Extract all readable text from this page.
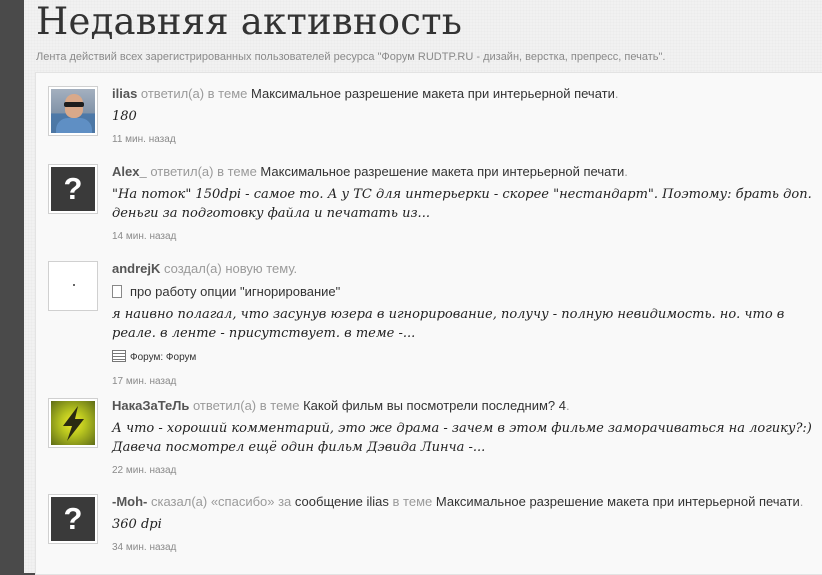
Недавняя активность

Лента действий всех зарегистрированных пользователей ресурса "Форум RUDTP.RU - дизайн, верстка, препресс, печать".

ilias ответил(а) в теме Максимальное разрешение макета при интерьерной печати.
180
11 мин. назад
?	Alex_ ответил(а) в теме Максимальное разрешение макета при интерьерной печати.
"На поток" 150dpi - самое то. А у ТС для интерьерки - скорее "нестандарт". Поэтому: брать доп. деньги за подготовку файла и печатать из...
14 мин. назад
andrejK создал(а) новую тему.
про работу опции "игнорирование"
я наивно полагал, что засунув юзера в игнорирование, получу - полную невидимость. но. что в реале. в ленте - присутствует. в теме -...
Форум: Форум
17 мин. назад
НакаЗаТеЛь ответил(а) в теме Какой фильм вы посмотрели последним? 4.
А что - хороший комментарий, это же драма - зачем в этом фильме заморачиваться на логику?:) Давеча посмотрел ещё один фильм Дэвида Линча -...
22 мин. назад
?	-Moh- сказал(а) «спасибо» за сообщение ilias в теме Максимальное разрешение макета при интерьерной печати.
360 dpi
34 мин. назад
